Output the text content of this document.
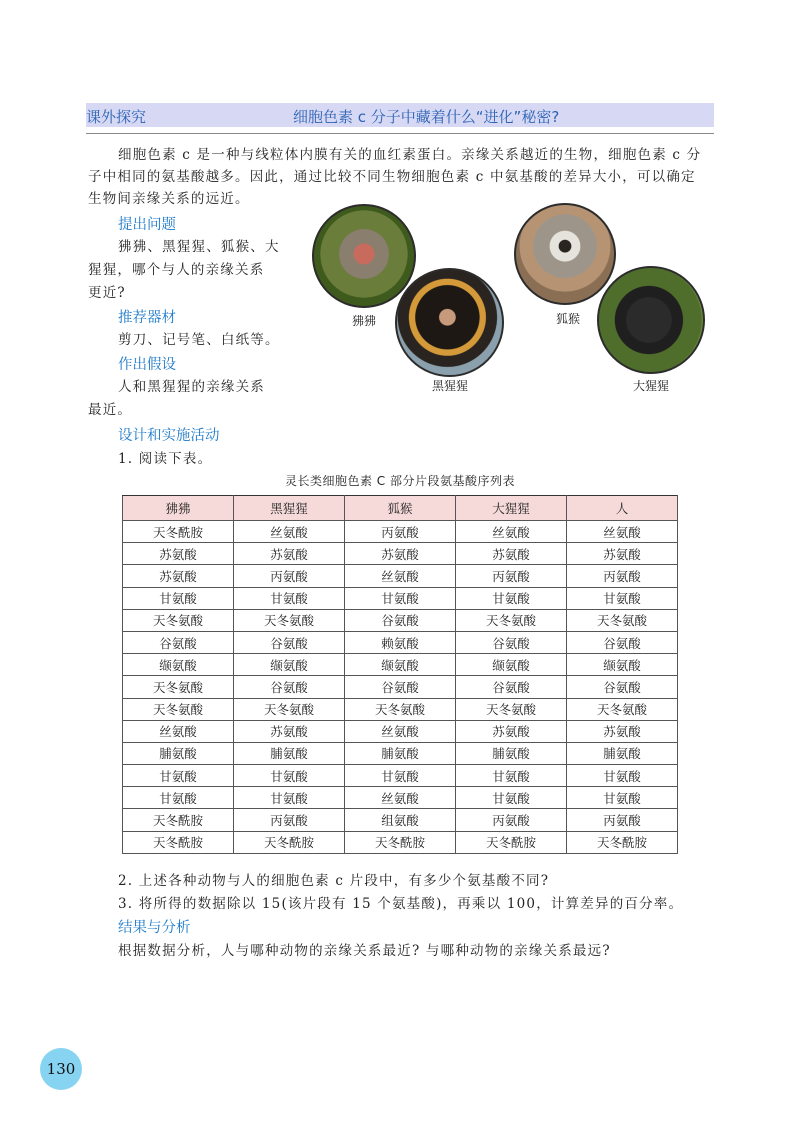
课外探究	细胞色素 c 分子中藏着什么“进化”秘密?
细胞色素 c 是一种与线粒体内膜有关的血红素蛋白。亲缘关系越近的生物，细胞色素 c 分
子中相同的氨基酸越多。因此，通过比较不同生物细胞色素 c 中氨基酸的差异大小，可以确定
生物间亲缘关系的远近。
提出问题
狒狒、黑猩猩、狐猴、大
猩猩，哪个与人的亲缘关系
更近?
推荐器材
剪刀、记号笔、白纸等。
作出假设
人和黑猩猩的亲缘关系
最近。
设计和实施活动
1. 阅读下表。
狒狒
黑猩猩
狐猴
大猩猩
灵长类细胞色素 C 部分片段氨基酸序列表
狒狒	黑猩猩	狐猴	大猩猩	人
天冬酰胺	丝氨酸	丙氨酸	丝氨酸	丝氨酸
苏氨酸	苏氨酸	苏氨酸	苏氨酸	苏氨酸
苏氨酸	丙氨酸	丝氨酸	丙氨酸	丙氨酸
甘氨酸	甘氨酸	甘氨酸	甘氨酸	甘氨酸
天冬氨酸	天冬氨酸	谷氨酸	天冬氨酸	天冬氨酸
谷氨酸	谷氨酸	赖氨酸	谷氨酸	谷氨酸
缬氨酸	缬氨酸	缬氨酸	缬氨酸	缬氨酸
天冬氨酸	谷氨酸	谷氨酸	谷氨酸	谷氨酸
天冬氨酸	天冬氨酸	天冬氨酸	天冬氨酸	天冬氨酸
丝氨酸	苏氨酸	丝氨酸	苏氨酸	苏氨酸
脯氨酸	脯氨酸	脯氨酸	脯氨酸	脯氨酸
甘氨酸	甘氨酸	甘氨酸	甘氨酸	甘氨酸
甘氨酸	甘氨酸	丝氨酸	甘氨酸	甘氨酸
天冬酰胺	丙氨酸	组氨酸	丙氨酸	丙氨酸
天冬酰胺	天冬酰胺	天冬酰胺	天冬酰胺	天冬酰胺
2. 上述各种动物与人的细胞色素 c 片段中，有多少个氨基酸不同?
3. 将所得的数据除以 15(该片段有 15 个氨基酸)，再乘以 100，计算差异的百分率。
结果与分析
根据数据分析，人与哪种动物的亲缘关系最近? 与哪种动物的亲缘关系最远?
130
